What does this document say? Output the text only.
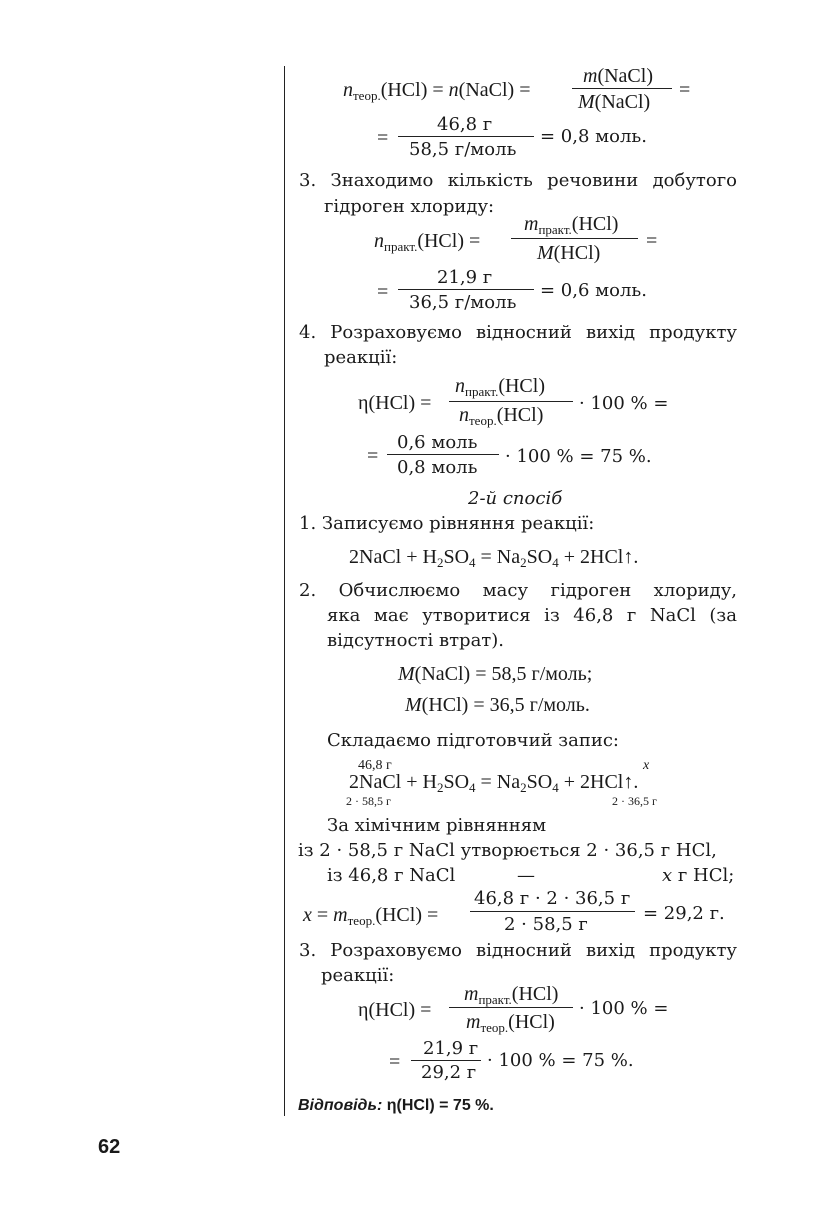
$n_{теор.}(HCl)$ = n(NaCl) =
m(NaCl)
M(NaCl)
=
=
46,8 г
58,5 г/моль
= 0,8 моль.
3. Знаходимо кількість речовини добутого
гідроген хлориду:
$n_{практ.}(HCl)$ =
$m_{практ.}(HCl)$
M(HCl)
=
=
21,9 г
36,5 г/моль
= 0,6 моль.
4. Розраховуємо відносний вихід продукту
реакції:
η(HCl) =
$n_{практ.}(HCl)$
$n_{теор.}(HCl)$
· 100 % =
=
0,6 моль
0,8 моль
· 100 % = 75 %.
2-й спосіб
1. Записуємо рівняння реакції:
2NaCl + $H_2SO_4 = Na_2SO_4$ + 2HCl↑.
2. Обчислюємо масу гідроген хлориду,
яка має утворитися із 46,8 г NaCl (за
відсутності втрат).
M(NaCl) = 58,5 г/моль;
M(HCl) = 36,5 г/моль.
Складаємо підготовчий запис:
46,8 г	x
2NaCl + $H_2SO_4 = Na_2SO_4$ + 2HCl↑.
2 · 58,5 г	2 · 36,5 г
За хімічним рівнянням
із 2 · 58,5 г NaCl утворюється 2 · 36,5 г HCl,
із 46,8 г NaCl	—	x г HCl;
$x = m_{теор.}(HCl)$ =
46,8 г · 2 · 36,5 г
2 · 58,5 г
= 29,2 г.
3. Розраховуємо відносний вихід продукту
реакції:
η(HCl) =
$m_{практ.}(HCl)$
$m_{теор.}(HCl)$
· 100 % =
=
21,9 г
29,2 г
· 100 % = 75 %.
Відповідь: η(HCl) = 75 %.
62
